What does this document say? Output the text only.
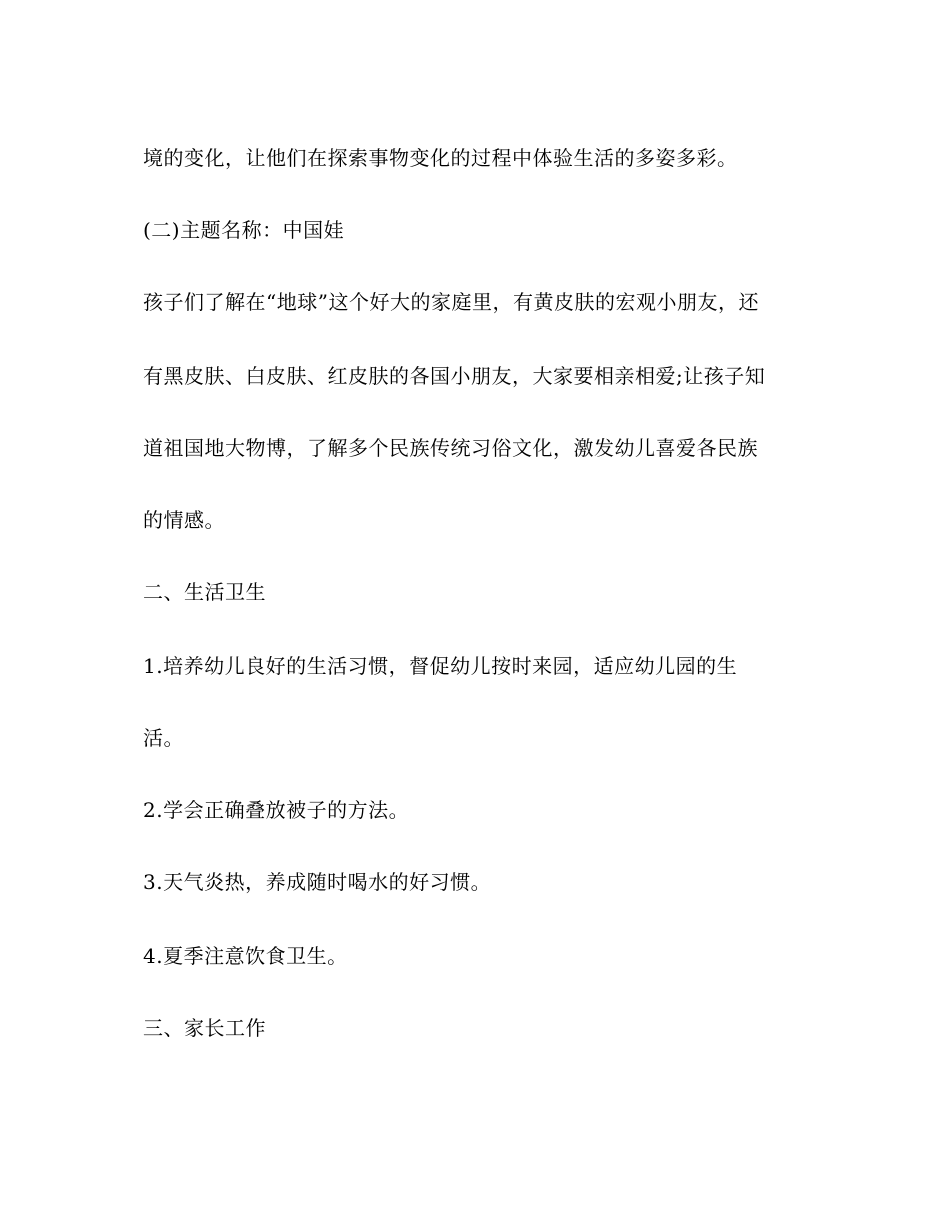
境的变化，让他们在探索事物变化的过程中体验生活的多姿多彩。

(二)主题名称：中国娃

孩子们了解在“地球”这个好大的家庭里，有黄皮肤的宏观小朋友，还

有黑皮肤、白皮肤、红皮肤的各国小朋友，大家要相亲相爱;让孩子知

道祖国地大物博，了解多个民族传统习俗文化，激发幼儿喜爱各民族

的情感。

二、生活卫生

1.培养幼儿良好的生活习惯，督促幼儿按时来园，适应幼儿园的生

活。

2.学会正确叠放被子的方法。

3.天气炎热，养成随时喝水的好习惯。

4.夏季注意饮食卫生。

三、家长工作
